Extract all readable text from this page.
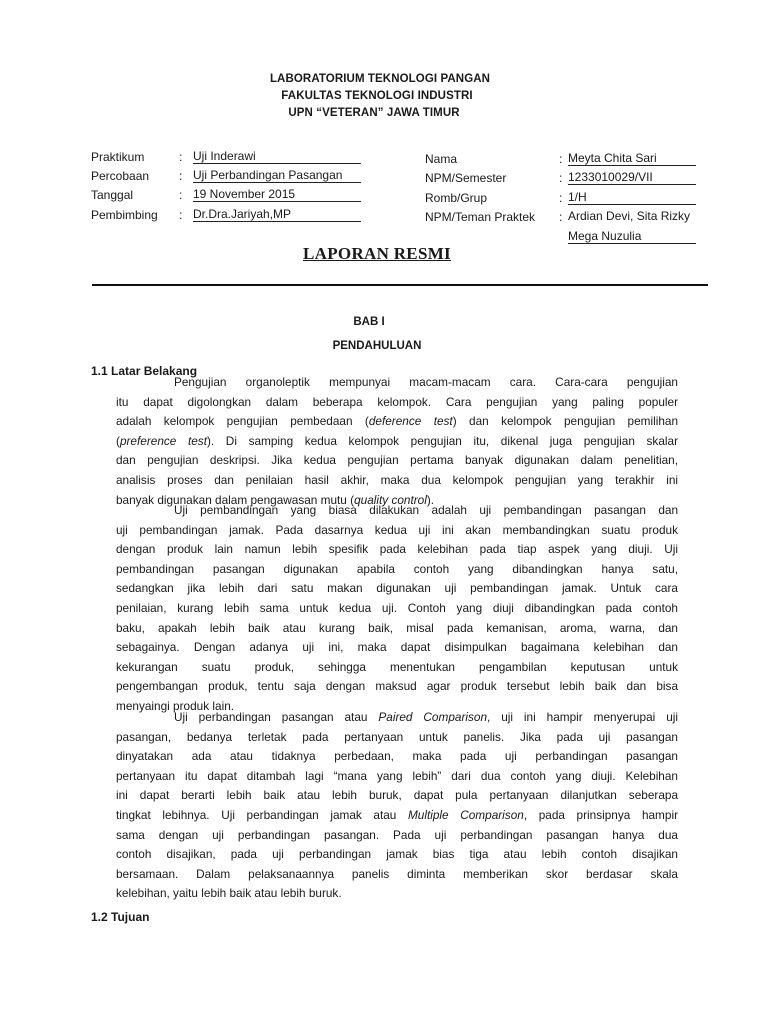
LABORATORIUM TEKNOLOGI PANGAN
FAKULTAS TEKNOLOGI INDUSTRI
UPN “VETERAN” JAWA TIMUR
Praktikum	: Uji Inderawi
Percobaan : Uji Perbandingan Pasangan
Tanggal	: 19 November 2015
Pembimbing : Dr.Dra.Jariyah,MP
Nama	: Meyta Chita Sari
NPM/Semester	: 1233010029/VII
Romb/Grup	: 1/H
NPM/Teman Praktek : Ardian Devi, Sita Rizky
Mega Nuzulia
LAPORAN RESMI
BAB I
PENDAHULUAN
1.1 Latar Belakang
Pengujian organoleptik mempunyai macam-macam cara. Cara-cara pengujian
itu dapat digolongkan dalam beberapa kelompok. Cara pengujian yang paling populer
adalah kelompok pengujian pembedaan (deference test) dan kelompok pengujian pemilihan
(preference test). Di samping kedua kelompok pengujian itu, dikenal juga pengujian skalar
dan pengujian deskripsi. Jika kedua pengujian pertama banyak digunakan dalam penelitian,
analisis proses dan penilaian hasil akhir, maka dua kelompok pengujian yang terakhir ini
banyak digunakan dalam pengawasan mutu (quality control).
Uji pembandingan yang biasa dilakukan adalah uji pembandingan pasangan dan
uji pembandingan jamak. Pada dasarnya kedua uji ini akan membandingkan suatu produk
dengan produk lain namun lebih spesifik pada kelebihan pada tiap aspek yang diuji. Uji
pembandingan pasangan digunakan apabila contoh yang dibandingkan hanya satu,
sedangkan jika lebih dari satu makan digunakan uji pembandingan jamak. Untuk cara
penilaian, kurang lebih sama untuk kedua uji. Contoh yang diuji dibandingkan pada contoh
baku, apakah lebih baik atau kurang baik, misal pada kemanisan, aroma, warna, dan
sebagainya. Dengan adanya uji ini, maka dapat disimpulkan bagaimana kelebihan dan
kekurangan suatu produk, sehingga menentukan pengambilan keputusan untuk
pengembangan produk, tentu saja dengan maksud agar produk tersebut lebih baik dan bisa
menyaingi produk lain.
Uji perbandingan pasangan atau Paired Comparison, uji ini hampir menyerupai uji
pasangan, bedanya terletak pada pertanyaan untuk panelis. Jika pada uji pasangan
dinyatakan ada atau tidaknya perbedaan, maka pada uji perbandingan pasangan
pertanyaan itu dapat ditambah lagi “mana yang lebih” dari dua contoh yang diuji. Kelebihan
ini dapat berarti lebih baik atau lebih buruk, dapat pula pertanyaan dilanjutkan seberapa
tingkat lebihnya. Uji perbandingan jamak atau Multiple Comparison, pada prinsipnya hampir
sama dengan uji perbandingan pasangan. Pada uji perbandingan pasangan hanya dua
contoh disajikan, pada uji perbandingan jamak bias tiga atau lebih contoh disajikan
bersamaan. Dalam pelaksanaannya panelis diminta memberikan skor berdasar skala
kelebihan, yaitu lebih baik atau lebih buruk.
1.2 Tujuan
